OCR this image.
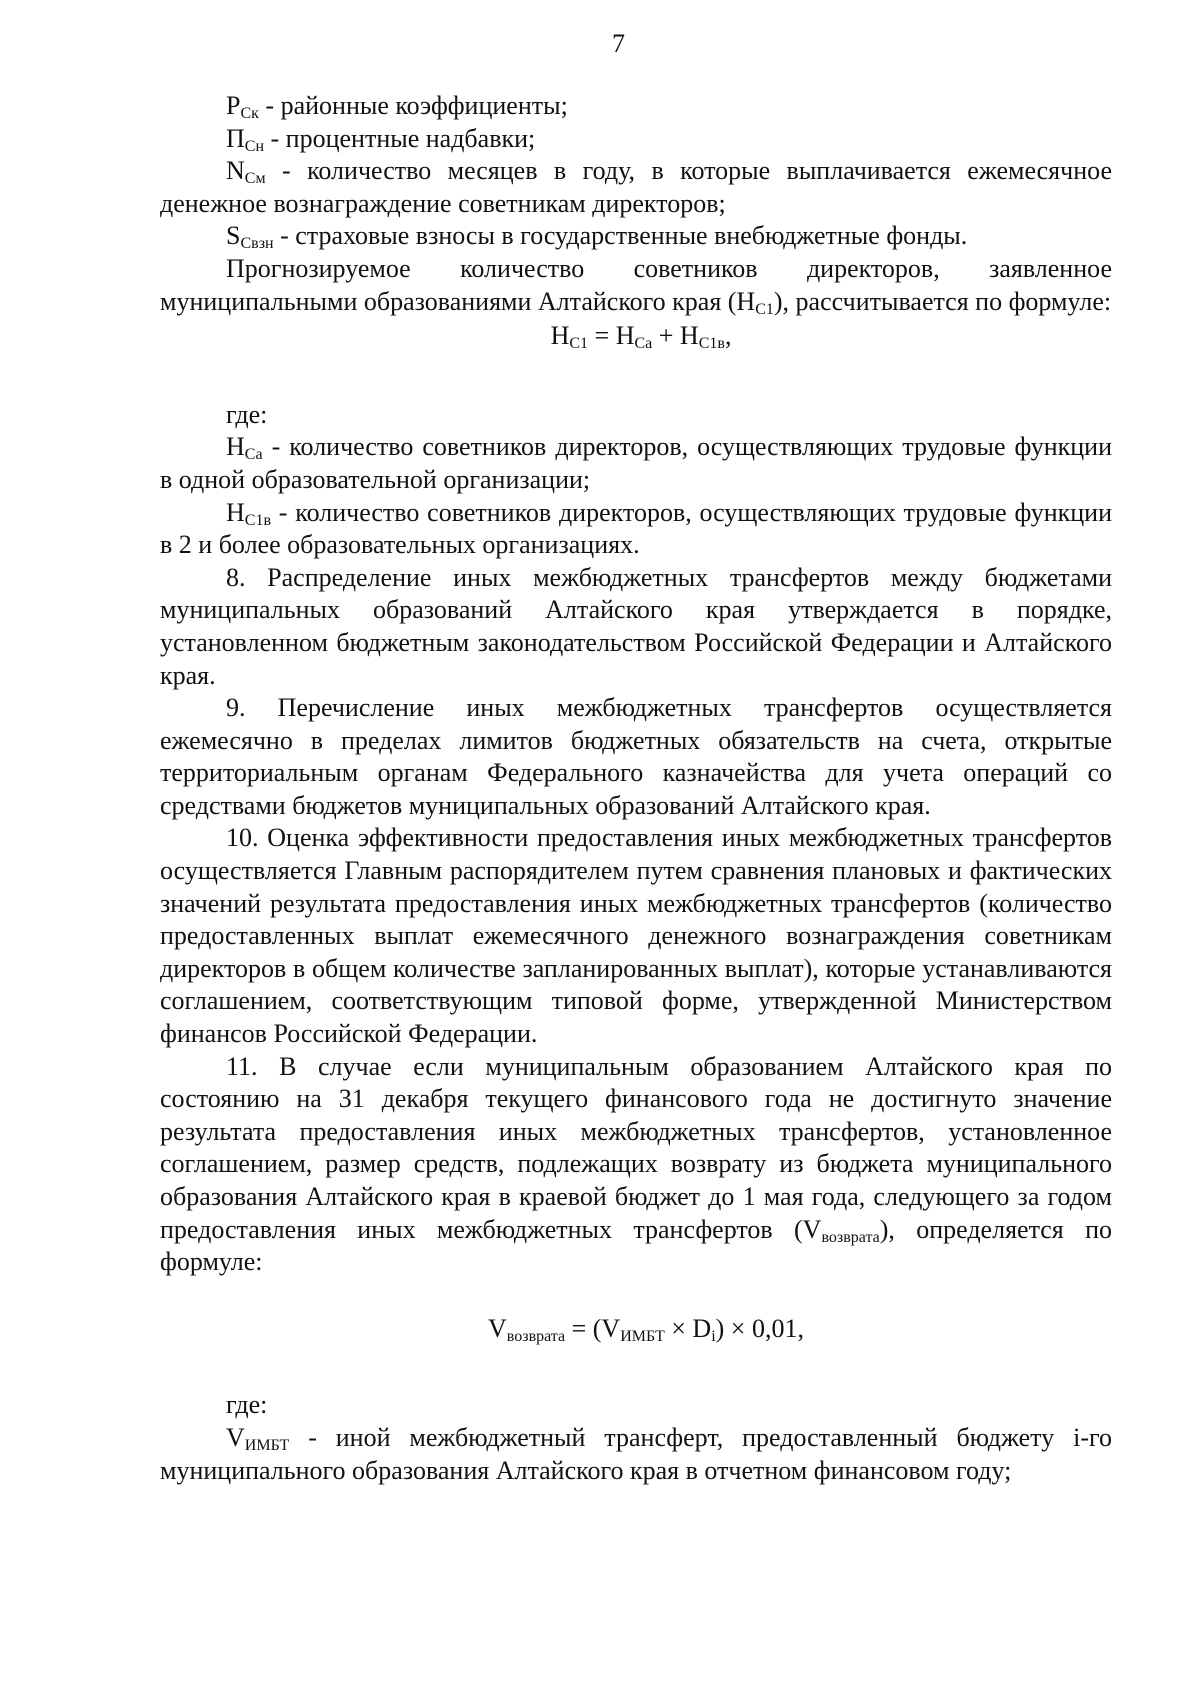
7

$Р_{Ск}$ - районные коэффициенты;

$П_{Сн}$ - процентные надбавки;

$N_{См}$ - количество месяцев в году, в которые выплачивается ежемесячное денежное вознаграждение советникам директоров;

$S_{Свзн}$ - страховые взносы в государственные внебюджетные фонды.

Прогнозируемое количество советников директоров, заявленное муниципальными образованиями Алтайского края $(Н_{С1})$, рассчитывается по формуле:

$Н_{С1} = Н_{Са} + Н_{С1в}$,

где:

$Н_{Са}$ - количество советников директоров, осуществляющих трудовые функции в одной образовательной организации;

$Н_{С1в}$ - количество советников директоров, осуществляющих трудовые функции в 2 и более образовательных организациях.

8. Распределение иных межбюджетных трансфертов между бюджетами муниципальных образований Алтайского края утверждается в порядке, установленном бюджетным законодательством Российской Федерации и Алтайского края.

9. Перечисление иных межбюджетных трансфертов осуществляется ежемесячно в пределах лимитов бюджетных обязательств на счета, открытые территориальным органам Федерального казначейства для учета операций со средствами бюджетов муниципальных образований Алтайского края.

10. Оценка эффективности предоставления иных межбюджетных трансфертов осуществляется Главным распорядителем путем сравнения плановых и фактических значений результата предоставления иных межбюджетных трансфертов (количество предоставленных выплат ежемесячного денежного вознаграждения советникам директоров в общем количестве запланированных выплат), которые устанавливаются соглашением, соответствующим типовой форме, утвержденной Министерством финансов Российской Федерации.

11. В случае если муниципальным образованием Алтайского края по состоянию на 31 декабря текущего финансового года не достигнуто значение результата предоставления иных межбюджетных трансфертов, установленное соглашением, размер средств, подлежащих возврату из бюджета муниципального образования Алтайского края в краевой бюджет до 1 мая года, следующего за годом предоставления иных межбюджетных трансфертов $(V_{возврата})$, определяется по формуле:

$V_{возврата} = (V_{ИМБТ} \times D_i) \times 0,01$,

где:

$V_{ИМБТ}$ - иной межбюджетный трансферт, предоставленный бюджету i-го муниципального образования Алтайского края в отчетном финансовом году;
